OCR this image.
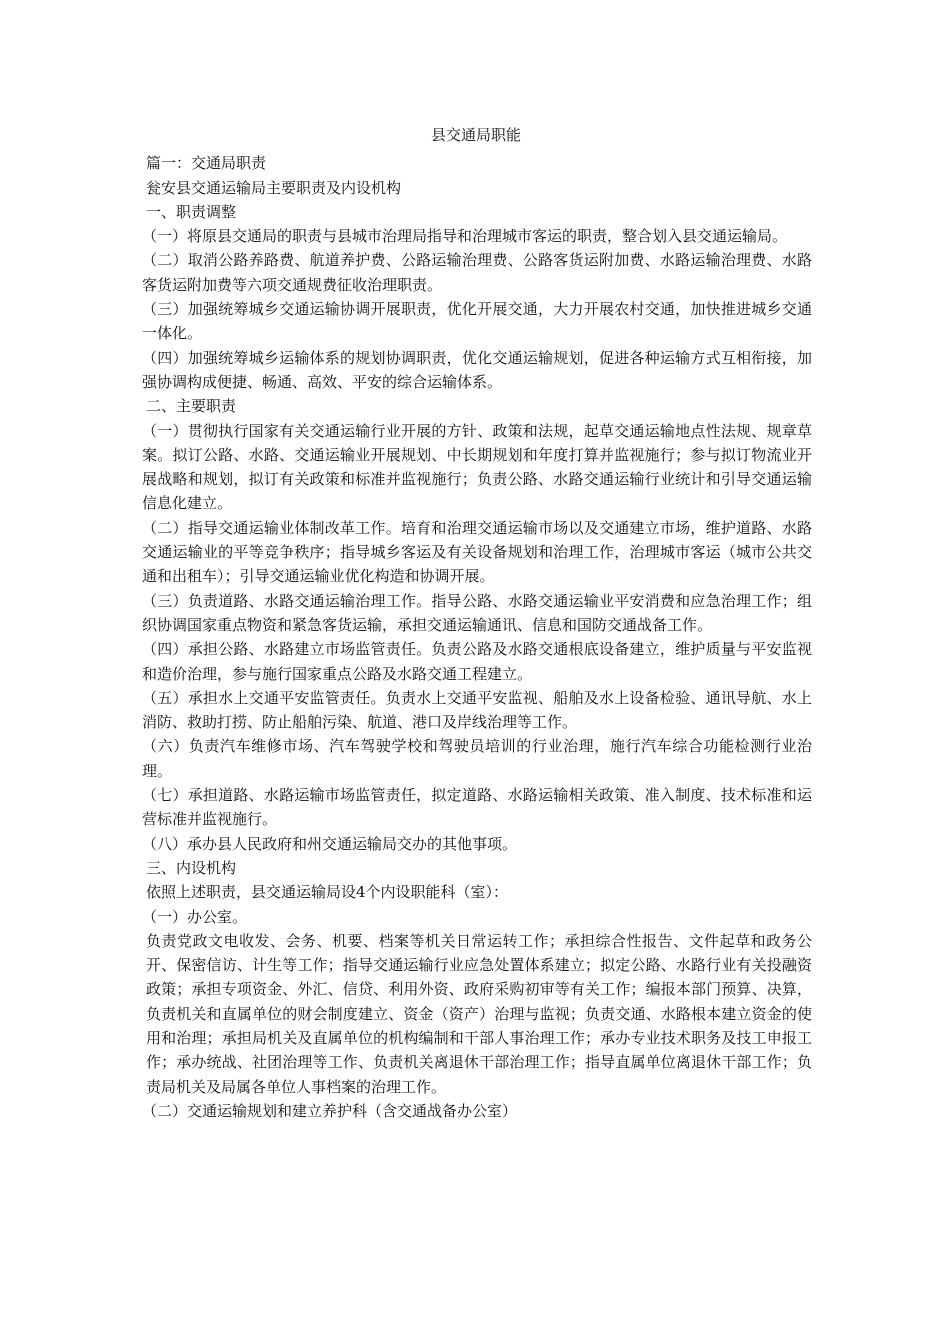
县交通局职能

篇一：交通局职责

瓮安县交通运输局主要职责及内设机构

一、职责调整

（一）将原县交通局的职责与县城市治理局指导和治理城市客运的职责，整合划入县交通运输局。

（二）取消公路养路费、航道养护费、公路运输治理费、公路客货运附加费、水路运输治理费、水路客货运附加费等六项交通规费征收治理职责。

（三）加强统筹城乡交通运输协调开展职责，优化开展交通，大力开展农村交通，加快推进城乡交通一体化。

（四）加强统筹城乡运输体系的规划协调职责，优化交通运输规划，促进各种运输方式互相衔接，加强协调构成便捷、畅通、高效、平安的综合运输体系。

二、主要职责

（一）贯彻执行国家有关交通运输行业开展的方针、政策和法规，起草交通运输地点性法规、规章草案。拟订公路、水路、交通运输业开展规划、中长期规划和年度打算并监视施行；参与拟订物流业开展战略和规划，拟订有关政策和标准并监视施行；负责公路、水路交通运输行业统计和引导交通运输信息化建立。

（二）指导交通运输业体制改革工作。培育和治理交通运输市场以及交通建立市场，维护道路、水路交通运输业的平等竞争秩序；指导城乡客运及有关设备规划和治理工作，治理城市客运（城市公共交通和出租车）；引导交通运输业优化构造和协调开展。

（三）负责道路、水路交通运输治理工作。指导公路、水路交通运输业平安消费和应急治理工作；组织协调国家重点物资和紧急客货运输，承担交通运输通讯、信息和国防交通战备工作。

（四）承担公路、水路建立市场监管责任。负责公路及水路交通根底设备建立，维护质量与平安监视和造价治理，参与施行国家重点公路及水路交通工程建立。

（五）承担水上交通平安监管责任。负责水上交通平安监视、船舶及水上设备检验、通讯导航、水上消防、救助打捞、防止船舶污染、航道、港口及岸线治理等工作。

（六）负责汽车维修市场、汽车驾驶学校和驾驶员培训的行业治理，施行汽车综合功能检测行业治理。

（七）承担道路、水路运输市场监管责任，拟定道路、水路运输相关政策、准入制度、技术标准和运营标准并监视施行。

（八）承办县人民政府和州交通运输局交办的其他事项。

三、内设机构

依照上述职责，县交通运输局设4个内设职能科（室）：

（一）办公室。

负责党政文电收发、会务、机要、档案等机关日常运转工作；承担综合性报告、文件起草和政务公开、保密信访、计生等工作；指导交通运输行业应急处置体系建立；拟定公路、水路行业有关投融资政策；承担专项资金、外汇、信贷、利用外资、政府采购初审等有关工作；编报本部门预算、决算，负责机关和直属单位的财会制度建立、资金（资产）治理与监视；负责交通、水路根本建立资金的使用和治理；承担局机关及直属单位的机构编制和干部人事治理工作；承办专业技术职务及技工申报工作；承办统战、社团治理等工作、负责机关离退休干部治理工作；指导直属单位离退休干部工作；负责局机关及局属各单位人事档案的治理工作。

（二）交通运输规划和建立养护科（含交通战备办公室）
